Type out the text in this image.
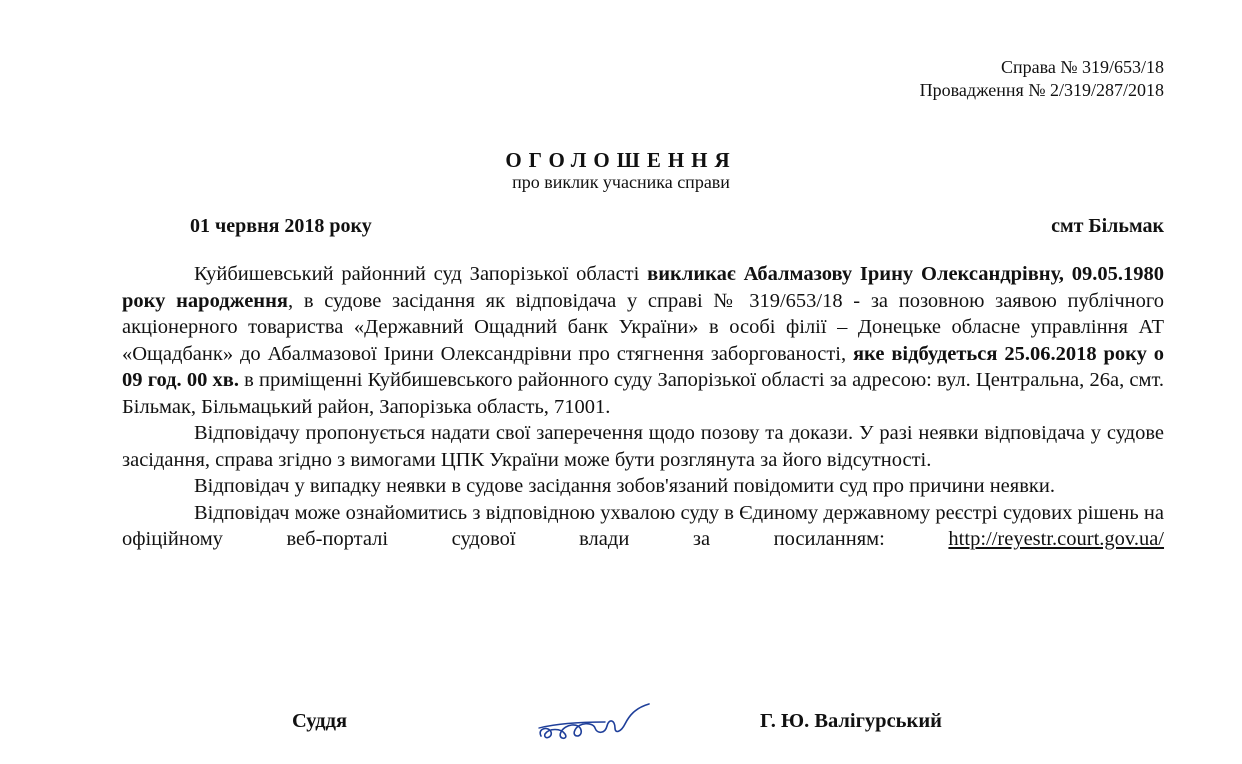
Справа № 319/653/18
Провадження № 2/319/287/2018
ОГОЛОШЕННЯ
про виклик учасника справи
01 червня 2018 року	смт Більмак

Куйбишевський районний суд Запорізької області викликає Абалмазову Ірину Олександрівну, 09.05.1980 року народження, в судове засідання як відповідача у справі № 319/653/18 - за позовною заявою публічного акціонерного товариства «Державний Ощадний банк України» в особі філії – Донецьке обласне управління АТ «Ощадбанк» до Абалмазової Ірини Олександрівни про стягнення заборгованості, яке відбудеться 25.06.2018 року о 09 год. 00 хв. в приміщенні Куйбишевського районного суду Запорізької області за адресою: вул. Центральна, 26а, смт. Більмак, Більмацький район, Запорізька область, 71001.

Відповідачу пропонується надати свої заперечення щодо позову та докази. У разі неявки відповідача у судове засідання, справа згідно з вимогами ЦПК України може бути розглянута за його відсутності.

Відповідач у випадку неявки в судове засідання зобов'язаний повідомити суд про причини неявки.

Відповідач може ознайомитись з відповідною ухвалою суду в Єдиному державному реєстрі судових рішень на офіційному веб-порталі судової влади за посиланням:	http://reyestr.court.gov.ua/

Суддя	Г. Ю. Валігурський
